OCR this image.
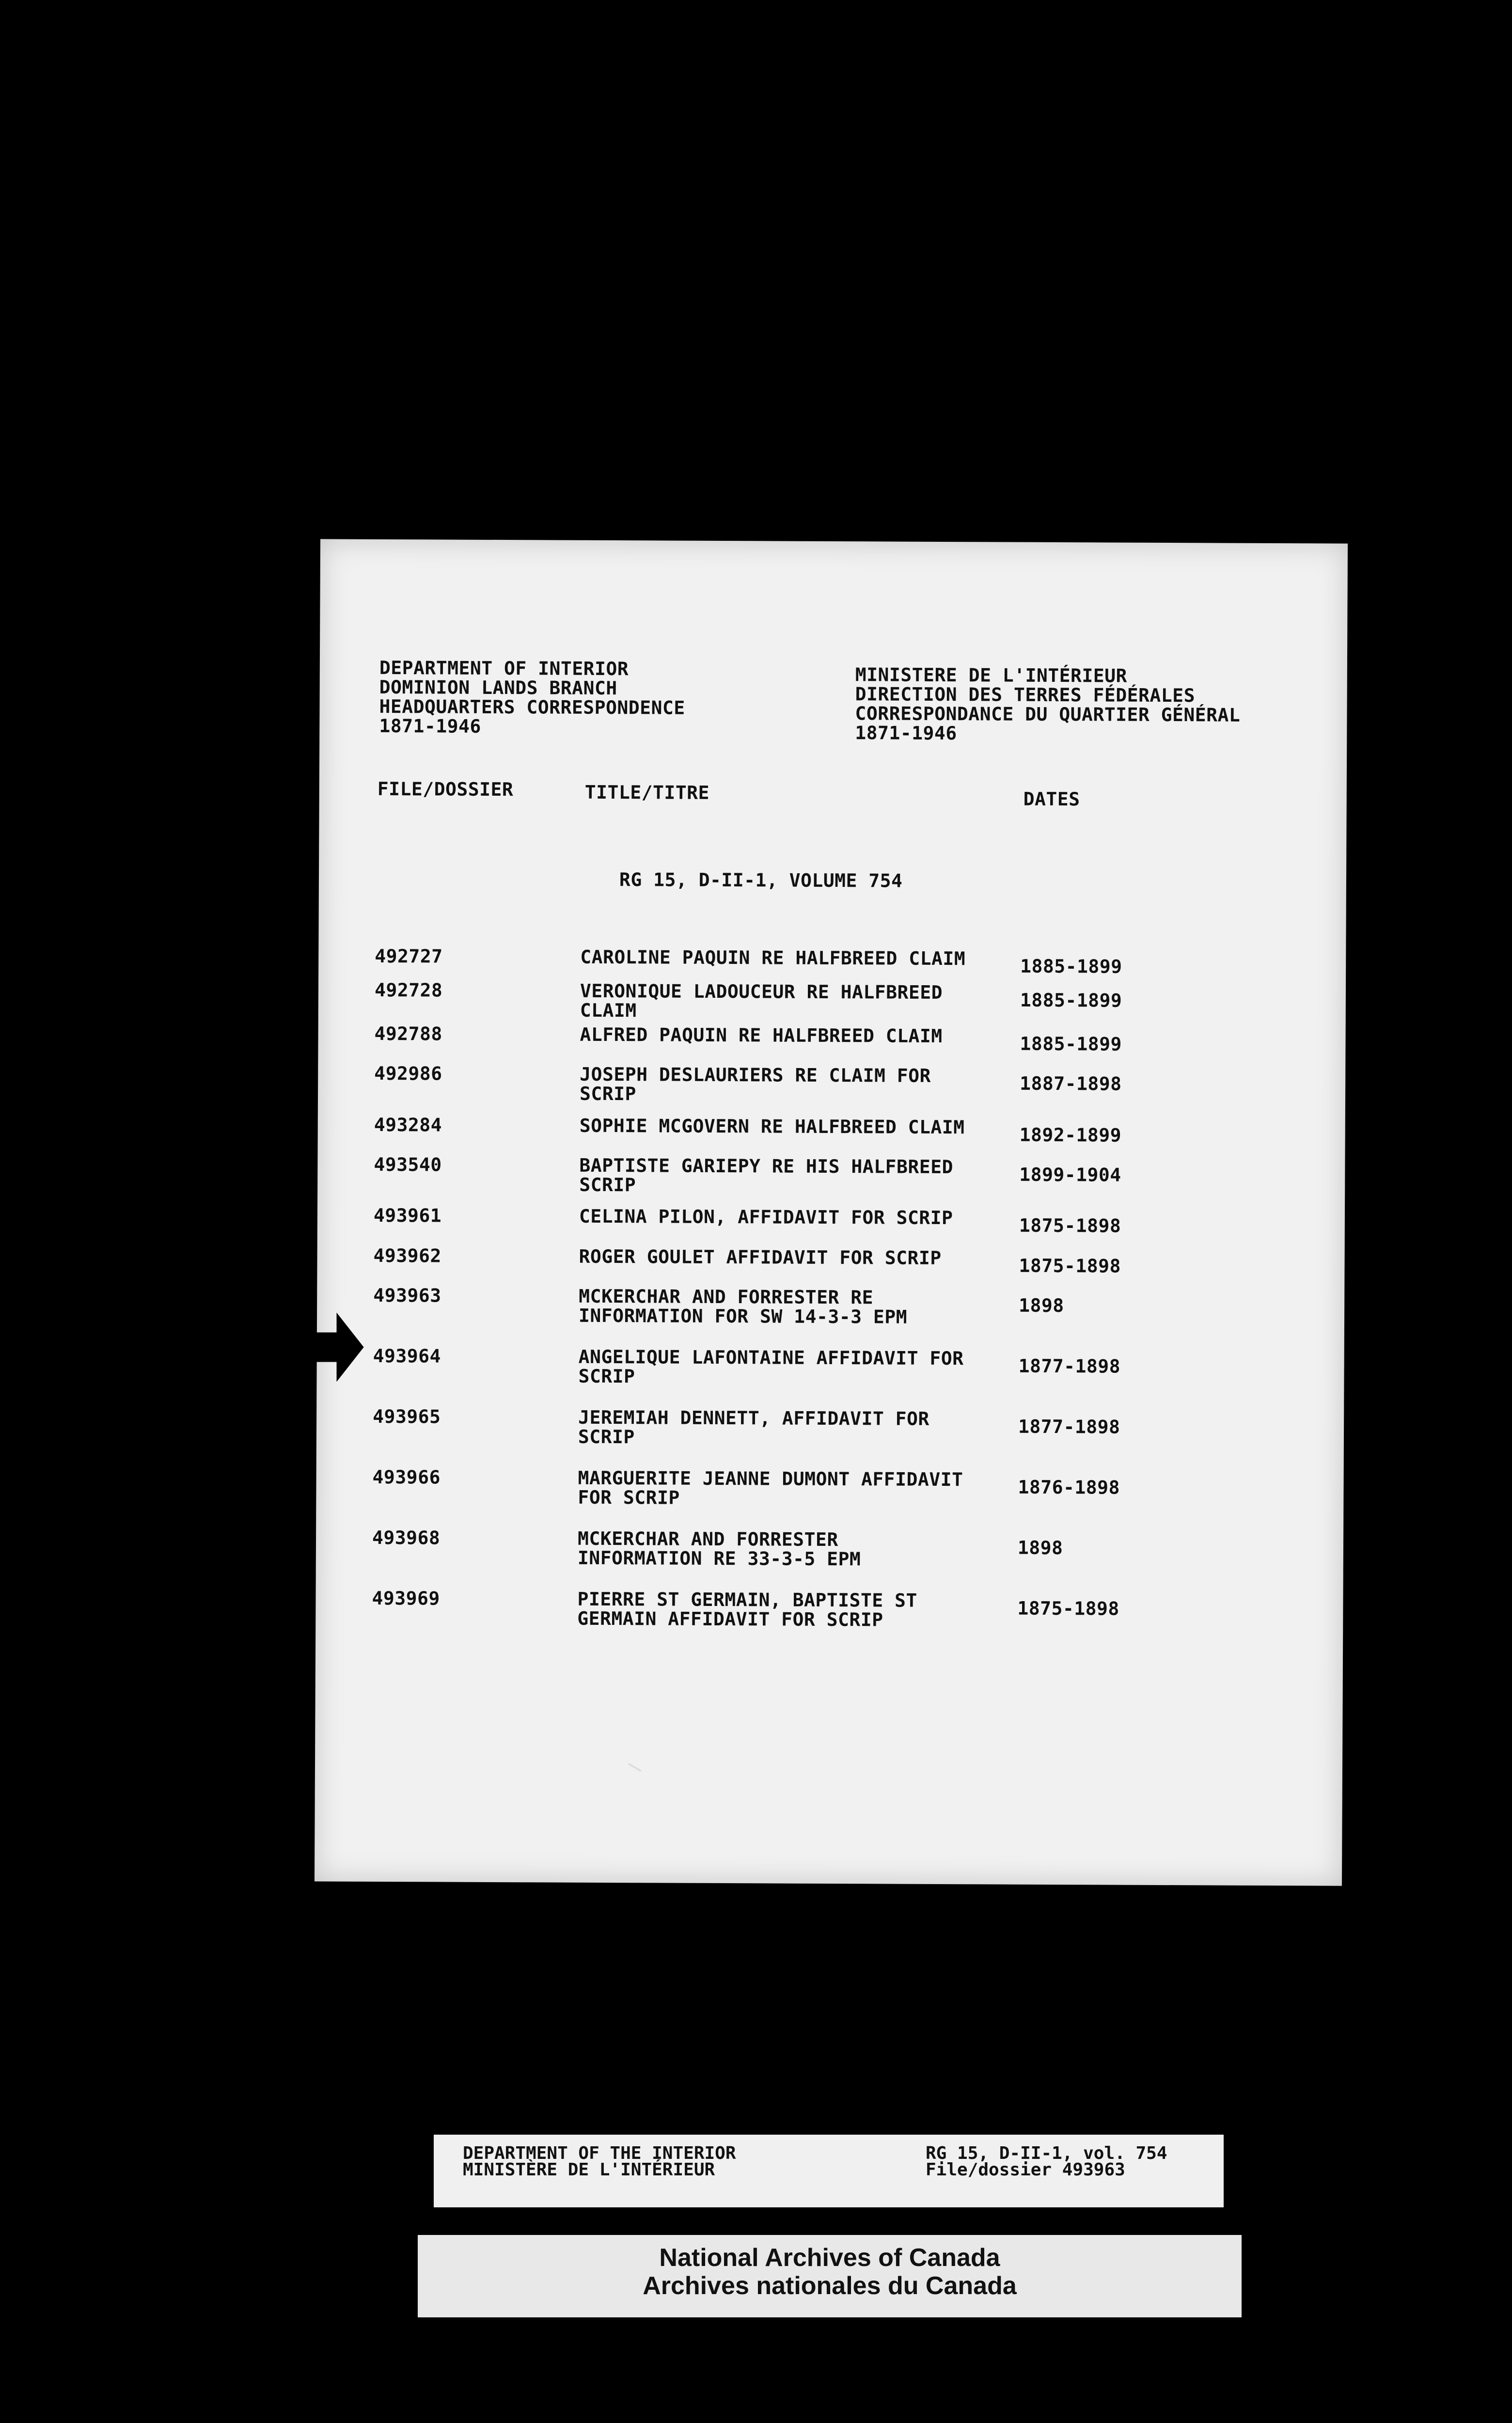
DEPARTMENT OF INTERIOR
DOMINION LANDS BRANCH
HEADQUARTERS CORRESPONDENCE
1871-1946
MINISTERE DE L'INTÉRIEUR
DIRECTION DES TERRES FÉDÉRALES
CORRESPONDANCE DU QUARTIER GÉNÉRAL
1871-1946
FILE/DOSSIER	TITLE/TITRE	DATES
RG 15, D-II-1, VOLUME 754
492727	CAROLINE PAQUIN RE HALFBREED CLAIM	1885-1899
492728	VERONIQUE LADOUCEUR RE HALFBREED
CLAIM	1885-1899
492788	ALFRED PAQUIN RE HALFBREED CLAIM	1885-1899
492986	JOSEPH DESLAURIERS RE CLAIM FOR
SCRIP	1887-1898
493284	SOPHIE MCGOVERN RE HALFBREED CLAIM	1892-1899
493540	BAPTISTE GARIEPY RE HIS HALFBREED
SCRIP	1899-1904
493961	CELINA PILON, AFFIDAVIT FOR SCRIP	1875-1898
493962	ROGER GOULET AFFIDAVIT FOR SCRIP	1875-1898
493963	MCKERCHAR AND FORRESTER RE
INFORMATION FOR SW 14-3-3 EPM	1898
493964	ANGELIQUE LAFONTAINE AFFIDAVIT FOR
SCRIP	1877-1898
493965	JEREMIAH DENNETT, AFFIDAVIT FOR
SCRIP	1877-1898
493966	MARGUERITE JEANNE DUMONT AFFIDAVIT
FOR SCRIP	1876-1898
493968	MCKERCHAR AND FORRESTER
INFORMATION RE 33-3-5 EPM	1898
493969	PIERRE ST GERMAIN, BAPTISTE ST
GERMAIN AFFIDAVIT FOR SCRIP	1875-1898
DEPARTMENT OF THE INTERIOR
MINISTÈRE DE L'INTÉRIEUR
RG 15, D-II-1, vol. 754
File/dossier 493963
National Archives of Canada
Archives nationales du Canada
